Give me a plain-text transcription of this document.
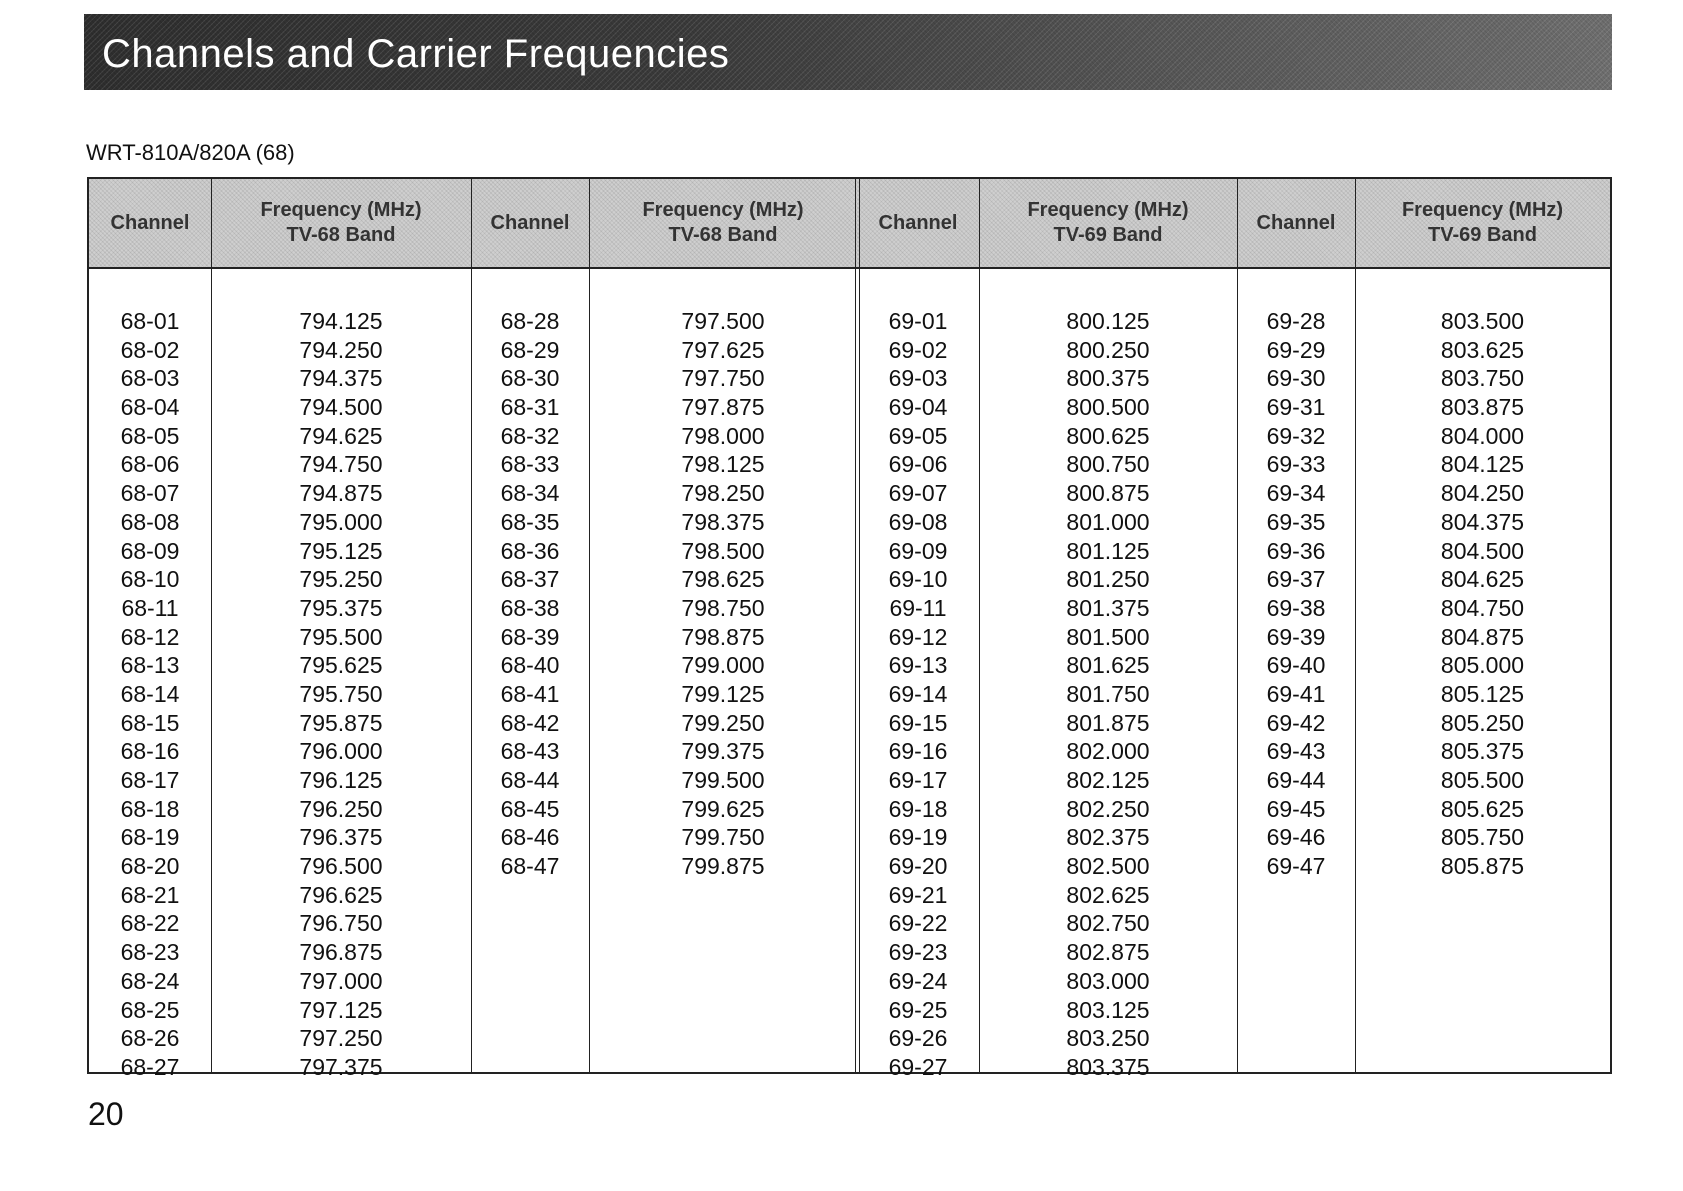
Channels and Carrier Frequencies
WRT-810A/820A (68)
Channel
68-01
68-02
68-03
68-04
68-05
68-06
68-07
68-08
68-09
68-10
68-11
68-12
68-13
68-14
68-15
68-16
68-17
68-18
68-19
68-20
68-21
68-22
68-23
68-24
68-25
68-26
68-27
Frequency (MHz)
TV-68 Band
794.125
794.250
794.375
794.500
794.625
794.750
794.875
795.000
795.125
795.250
795.375
795.500
795.625
795.750
795.875
796.000
796.125
796.250
796.375
796.500
796.625
796.750
796.875
797.000
797.125
797.250
797.375
Channel
68-28
68-29
68-30
68-31
68-32
68-33
68-34
68-35
68-36
68-37
68-38
68-39
68-40
68-41
68-42
68-43
68-44
68-45
68-46
68-47
Frequency (MHz)
TV-68 Band
797.500
797.625
797.750
797.875
798.000
798.125
798.250
798.375
798.500
798.625
798.750
798.875
799.000
799.125
799.250
799.375
799.500
799.625
799.750
799.875
Channel
69-01
69-02
69-03
69-04
69-05
69-06
69-07
69-08
69-09
69-10
69-11
69-12
69-13
69-14
69-15
69-16
69-17
69-18
69-19
69-20
69-21
69-22
69-23
69-24
69-25
69-26
69-27
Frequency (MHz)
TV-69 Band
800.125
800.250
800.375
800.500
800.625
800.750
800.875
801.000
801.125
801.250
801.375
801.500
801.625
801.750
801.875
802.000
802.125
802.250
802.375
802.500
802.625
802.750
802.875
803.000
803.125
803.250
803.375
Channel
69-28
69-29
69-30
69-31
69-32
69-33
69-34
69-35
69-36
69-37
69-38
69-39
69-40
69-41
69-42
69-43
69-44
69-45
69-46
69-47
Frequency (MHz)
TV-69 Band
803.500
803.625
803.750
803.875
804.000
804.125
804.250
804.375
804.500
804.625
804.750
804.875
805.000
805.125
805.250
805.375
805.500
805.625
805.750
805.875
20
